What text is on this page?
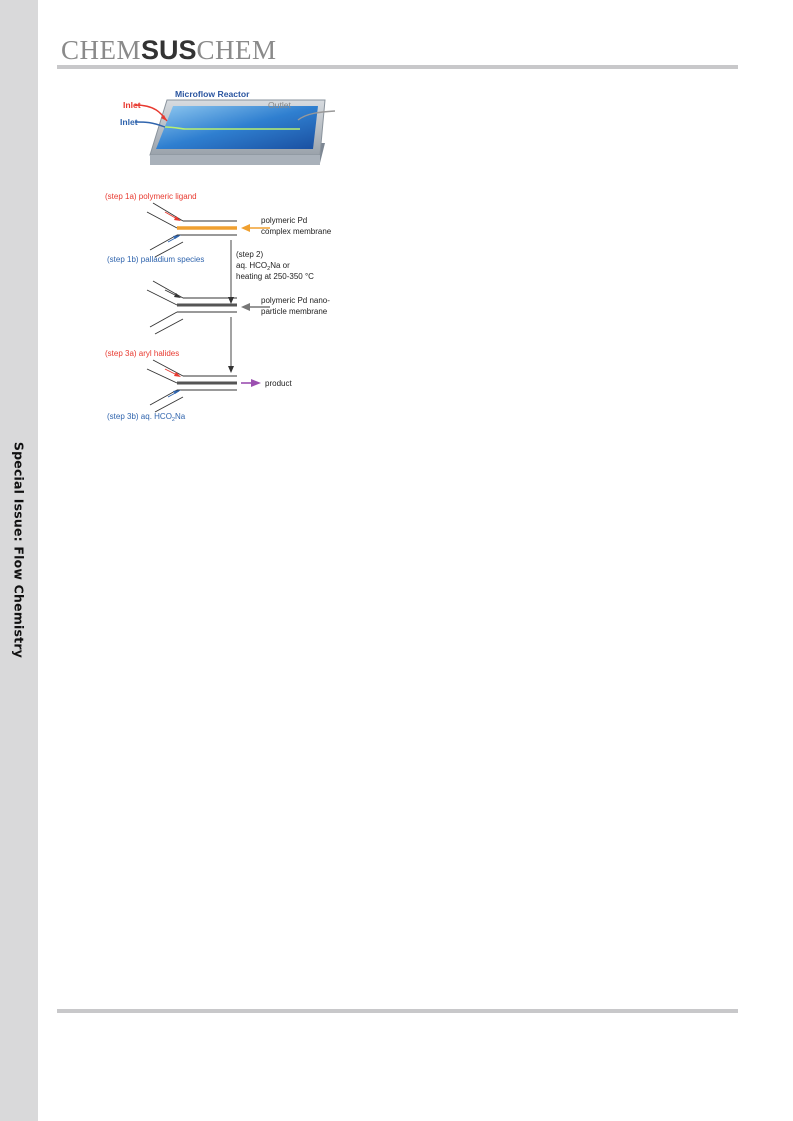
Special Issue: Flow Chemistry
CHEMSUSCHEM
Microflow Reactor
Inlet
Inlet
Outlet
(step 1a) polymeric ligand
polymeric Pd
complex membrane
(step 1b) palladium species
(step 2)
aq. $HCO_2Na$ or
heating at 250-350 °C
polymeric Pd nano-
particle membrane
(step 3a) aryl halides
product
(step 3b) aq. $HCO_2Na$
